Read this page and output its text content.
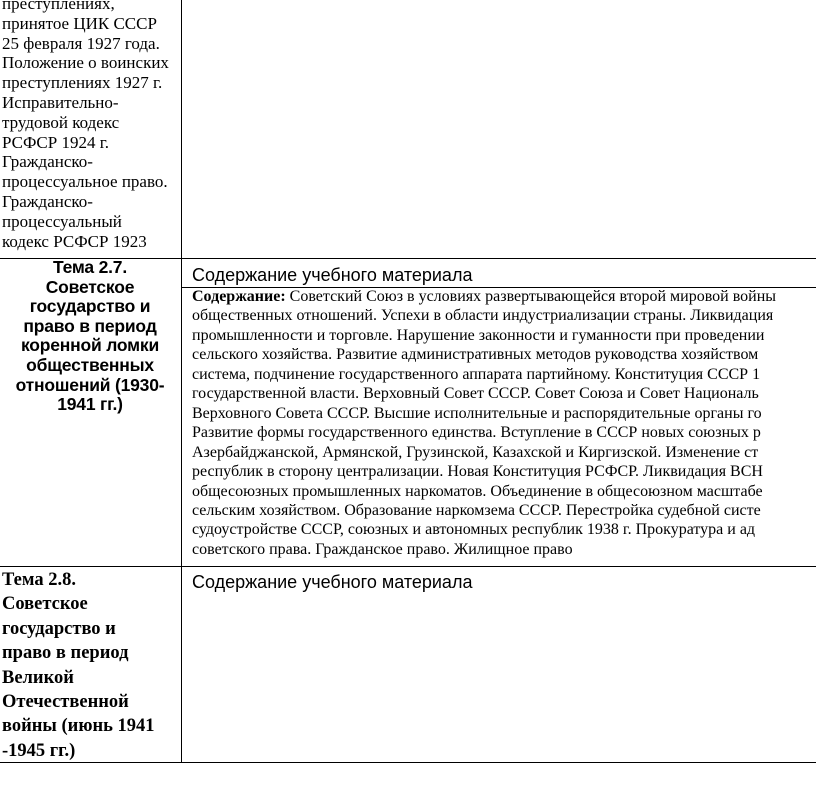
преступлениях,
принятое ЦИК СССР
25 февраля 1927 года.
Положение о воинских
преступлениях 1927 г.
Исправительно-
трудовой кодекс
РСФСР 1924 г.
Гражданско-
процессуальное право.
Гражданско-
процессуальный
кодекс РСФСР 1923
Тема 2.7.
Советское
государство и
право в период
коренной ломки
общественных
отношений (1930-
1941 гг.)
Содержание учебного материала
Содержание: Советский Союз в условиях развертывающейся второй мировой войны
общественных отношений. Успехи в области индустриализации страны. Ликвидация
промышленности и торговле. Нарушение законности и гуманности при проведении
сельского хозяйства. Развитие административных методов руководства хозяйством
система, подчинение государственного аппарата партийному. Конституция СССР 1
государственной власти. Верховный Совет СССР. Совет Союза и Совет Националь
Верховного Совета СССР. Высшие исполнительные и распорядительные органы го
Развитие формы государственного единства. Вступление в СССР новых союзных р
Азербайджанской, Армянской, Грузинской, Казахской и Киргизской. Изменение ст
республик в сторону централизации. Новая Конституция РСФСР. Ликвидация ВСН
общесоюзных промышленных наркоматов. Объединение в общесоюзном масштабе
сельским хозяйством. Образование наркомзема СССР. Перестройка судебной систе
судоустройстве СССР, союзных и автономных республик 1938 г. Прокуратура и ад
советского права. Гражданское право. Жилищное право
Тема 2.8.
Советское
государство и
право в период
Великой
Отечественной
войны (июнь 1941
-1945 гг.)
Содержание учебного материала
